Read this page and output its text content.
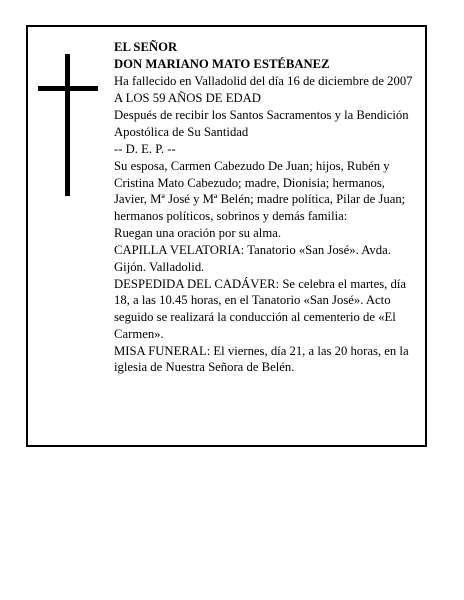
EL SEÑOR

DON MARIANO MATO ESTÉBANEZ

Ha fallecido en Valladolid del día 16 de diciembre de 2007

A LOS 59 AÑOS DE EDAD

Después de recibir los Santos Sacramentos y la Bendición Apostólica de Su Santidad

-- D. E. P. --

Su esposa, Carmen Cabezudo De Juan; hijos, Rubén y Cristina Mato Cabezudo; madre, Dionisia; hermanos, Javier, Mª José y Mª Belén; madre política, Pilar de Juan; hermanos políticos, sobrinos y demás familia:

Ruegan una oración por su alma.

CAPILLA VELATORIA: Tanatorio «San José». Avda. Gijón. Valladolid.

DESPEDIDA DEL CADÁVER: Se celebra el martes, día 18, a las 10.45 horas, en el Tanatorio «San José». Acto seguido se realizará la conducción al cementerio de «El Carmen».

MISA FUNERAL: El viernes, día 21, a las 20 horas, en la iglesia de Nuestra Señora de Belén.
